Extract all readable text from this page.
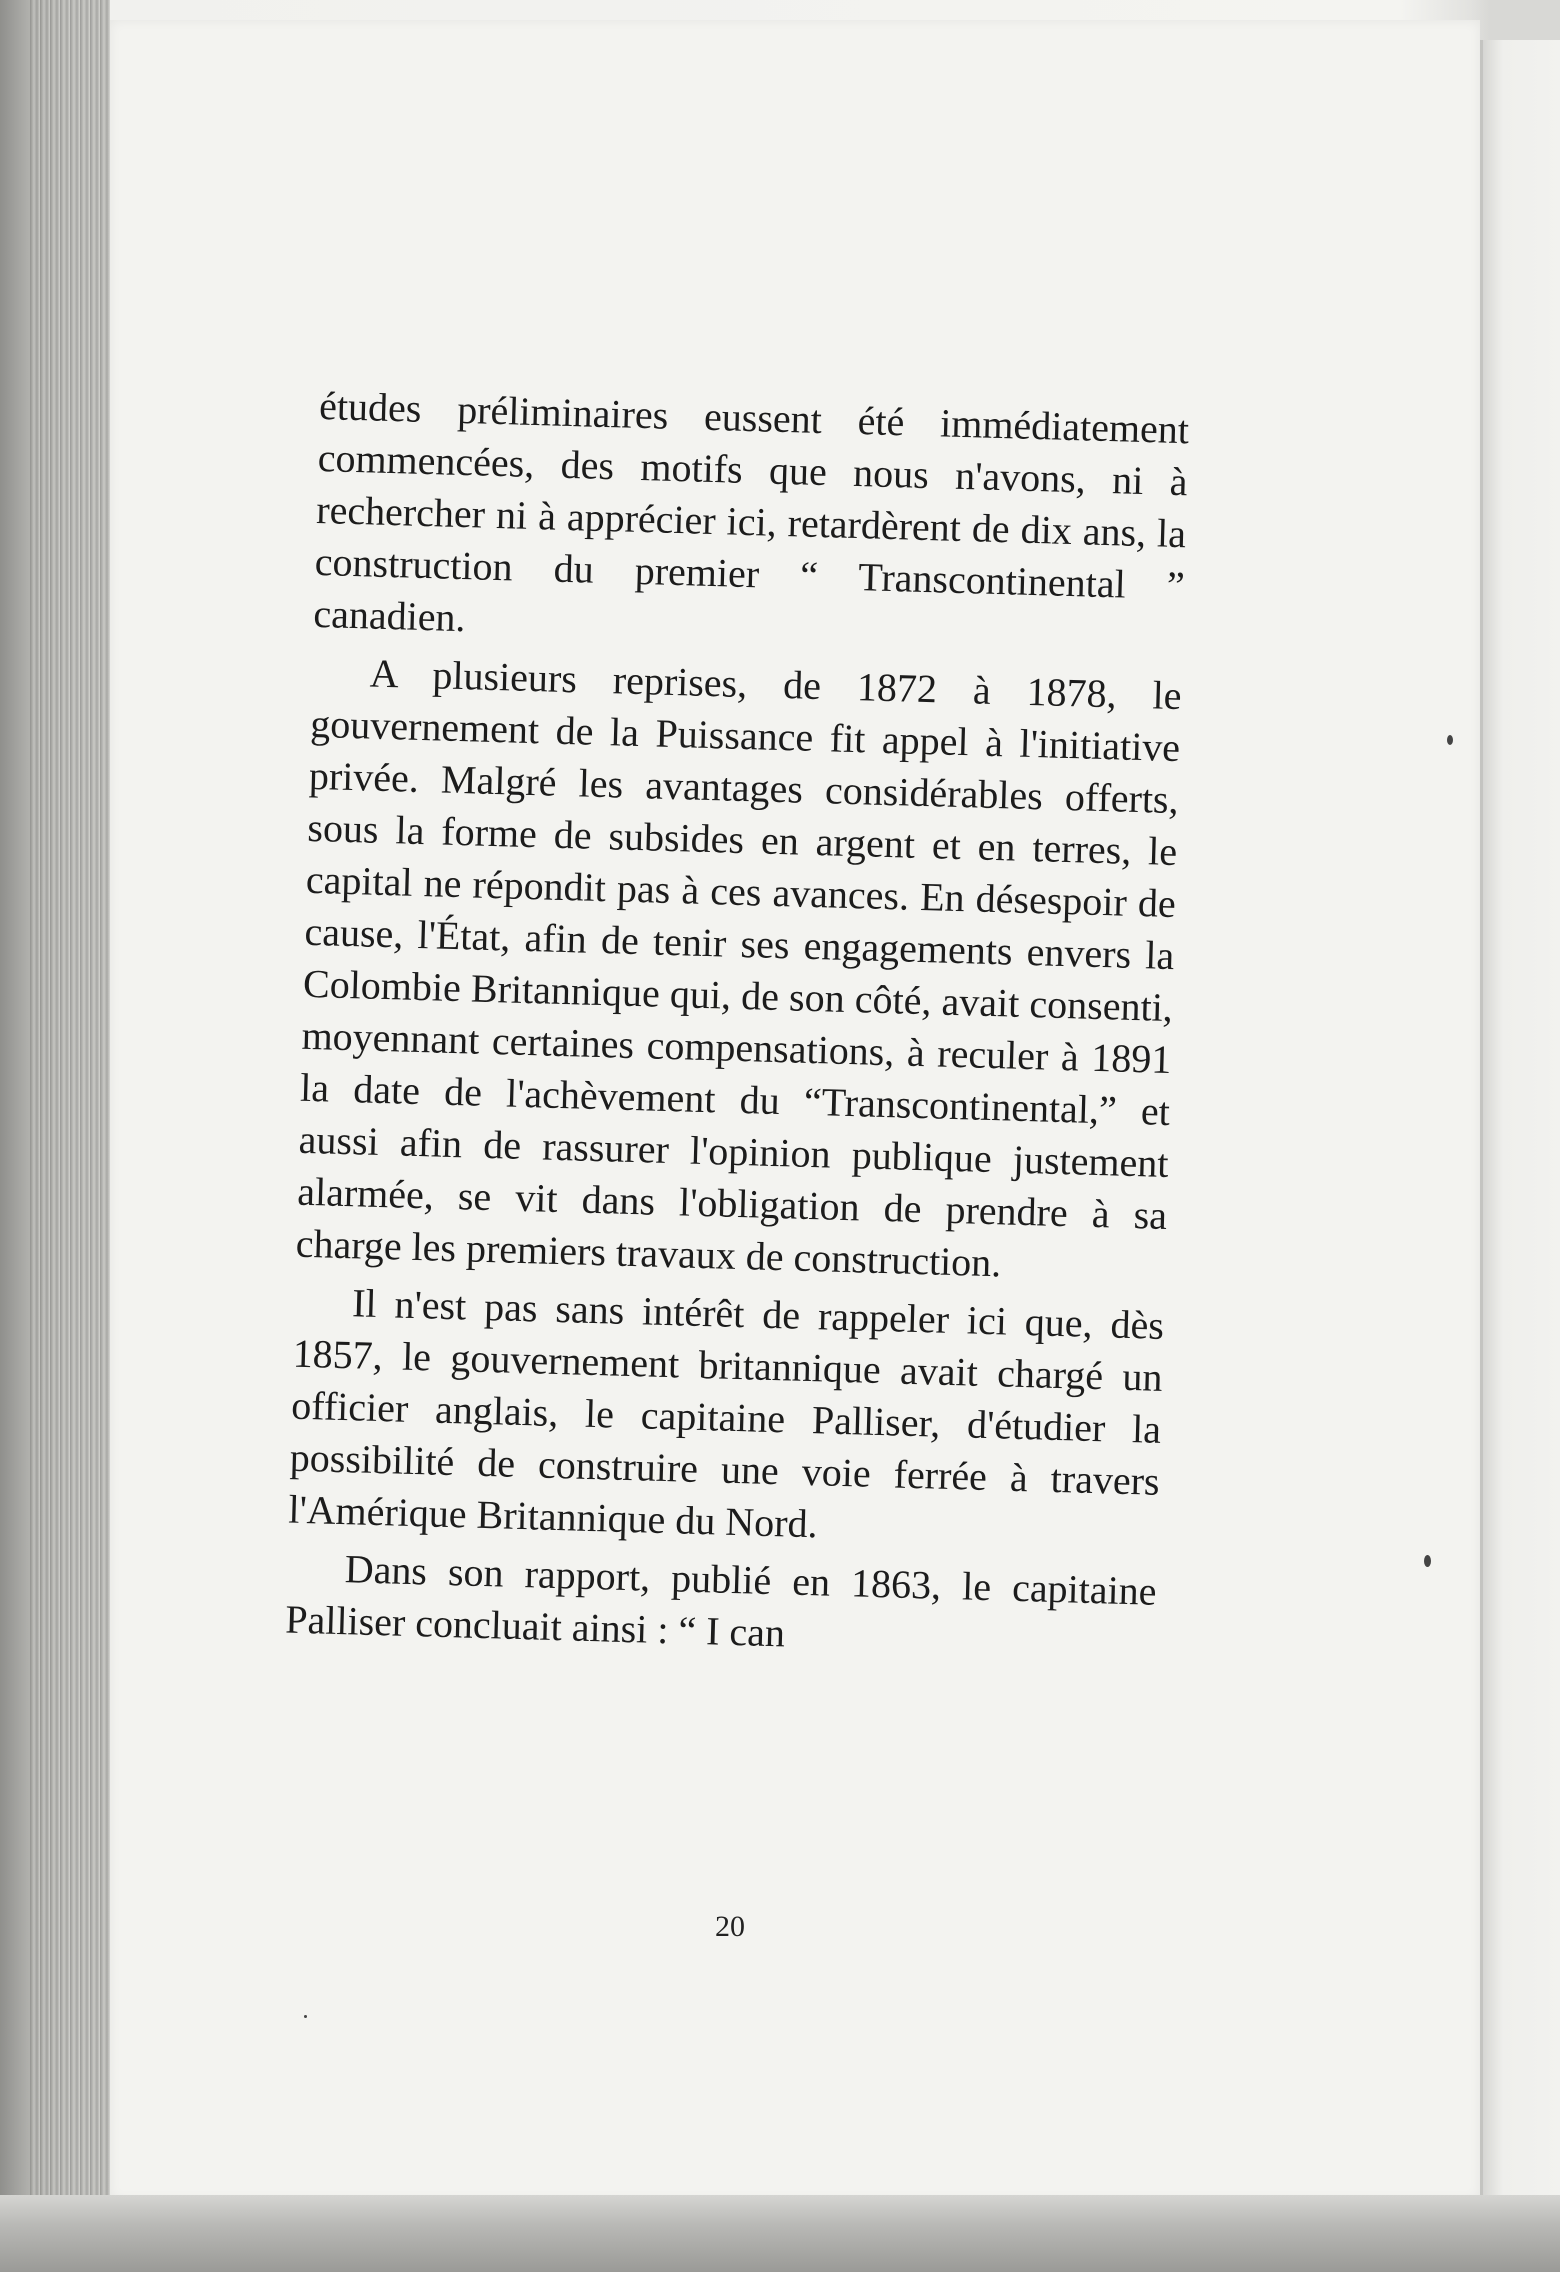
études préliminaires eussent été immédiatement commencées, des motifs que nous n'avons, ni à rechercher ni à apprécier ici, retardèrent de dix ans, la construction du premier “ Transcontinental ” canadien.

A plusieurs reprises, de 1872 à 1878, le gouvernement de la Puissance fit appel à l'initiative privée. Malgré les avantages considérables offerts, sous la forme de subsides en argent et en terres, le capital ne répondit pas à ces avances. En désespoir de cause, l'État, afin de tenir ses engagements envers la Colombie Britannique qui, de son côté, avait consenti, moyennant certaines compensations, à reculer à 1891 la date de l'achèvement du “Transcontinental,” et aussi afin de rassurer l'opinion publique justement alarmée, se vit dans l'obligation de prendre à sa charge les premiers travaux de construction.

Il n'est pas sans intérêt de rappeler ici que, dès 1857, le gouvernement britannique avait chargé un officier anglais, le capitaine Palliser, d'étudier la possibilité de construire une voie ferrée à travers l'Amérique Britannique du Nord.

Dans son rapport, publié en 1863, le capitaine Palliser concluait ainsi : “ I can

20
